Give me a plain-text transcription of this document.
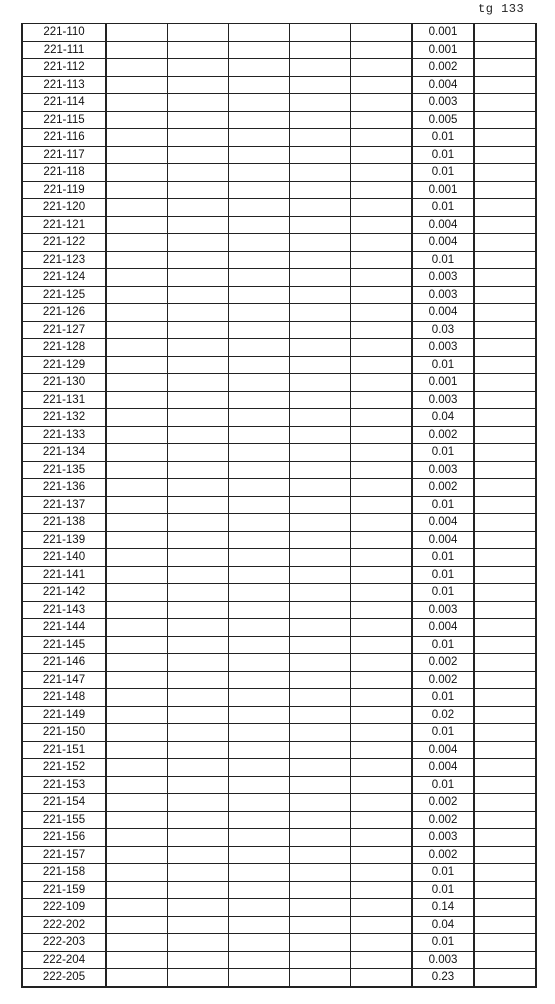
tg 133
221-110						0.001	
221-111						0.001	
221-112						0.002	
221-113						0.004	
221-114						0.003	
221-115						0.005	
221-116						0.01	
221-117						0.01	
221-118						0.01	
221-119						0.001	
221-120						0.01	
221-121						0.004	
221-122						0.004	
221-123						0.01	
221-124						0.003	
221-125						0.003	
221-126						0.004	
221-127						0.03	
221-128						0.003	
221-129						0.01	
221-130						0.001	
221-131						0.003	
221-132						0.04	
221-133						0.002	
221-134						0.01	
221-135						0.003	
221-136						0.002	
221-137						0.01	
221-138						0.004	
221-139						0.004	
221-140						0.01	
221-141						0.01	
221-142						0.01	
221-143						0.003	
221-144						0.004	
221-145						0.01	
221-146						0.002	
221-147						0.002	
221-148						0.01	
221-149						0.02	
221-150						0.01	
221-151						0.004	
221-152						0.004	
221-153						0.01	
221-154						0.002	
221-155						0.002	
221-156						0.003	
221-157						0.002	
221-158						0.01	
221-159						0.01	
222-109						0.14	
222-202						0.04	
222-203						0.01	
222-204						0.003	
222-205						0.23	
